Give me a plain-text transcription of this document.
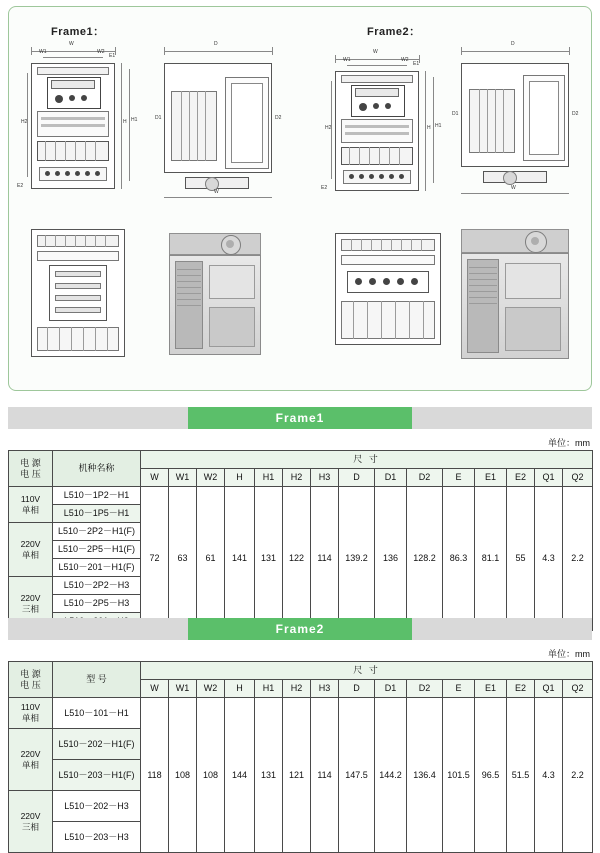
Frame1：	Frame2：
W
W1	W2
H H1
H2
E1
E2
D
W
D1	D2
W
W1	W2
H H1
H2
E1
E2
D
W
D1	D2
Frame1
单位：mm
电 源
电 压	机种名称	尺 寸														
		W	W1	W2	H	H1	H2	H3	D	D1	D2	E	E1	E2	Q1	Q2

110V
单相	L510－1P2－H1	72	63	61	141	131	122	114	139.2	136	128.2	86.3	81.1	55	4.3	2.2
	L510－1P5－H1															

220V
单相	L510－2P2－H1(F)															
	L510－2P5－H1(F)															
	L510－201－H1(F)															

220V
三相	L510－2P2－H3															
	L510－2P5－H3															

Frame2
单位：mm
电 源
电 压	型 号	尺 寸														
		W	W1	W2	H	H1	H2	H3	D	D1	D2	E	E1	E2	Q1	Q2

110V
单相	L510－101－H1	118	108	108	144	131	121	114	147.5	144.2	136.4	101.5	96.5	51.5	4.3	2.2

220V
单相	L510－202－H1(F)															
	L510－203－H1(F)															

220V
三相	L510－202－H3															
	L510－203－H3															
